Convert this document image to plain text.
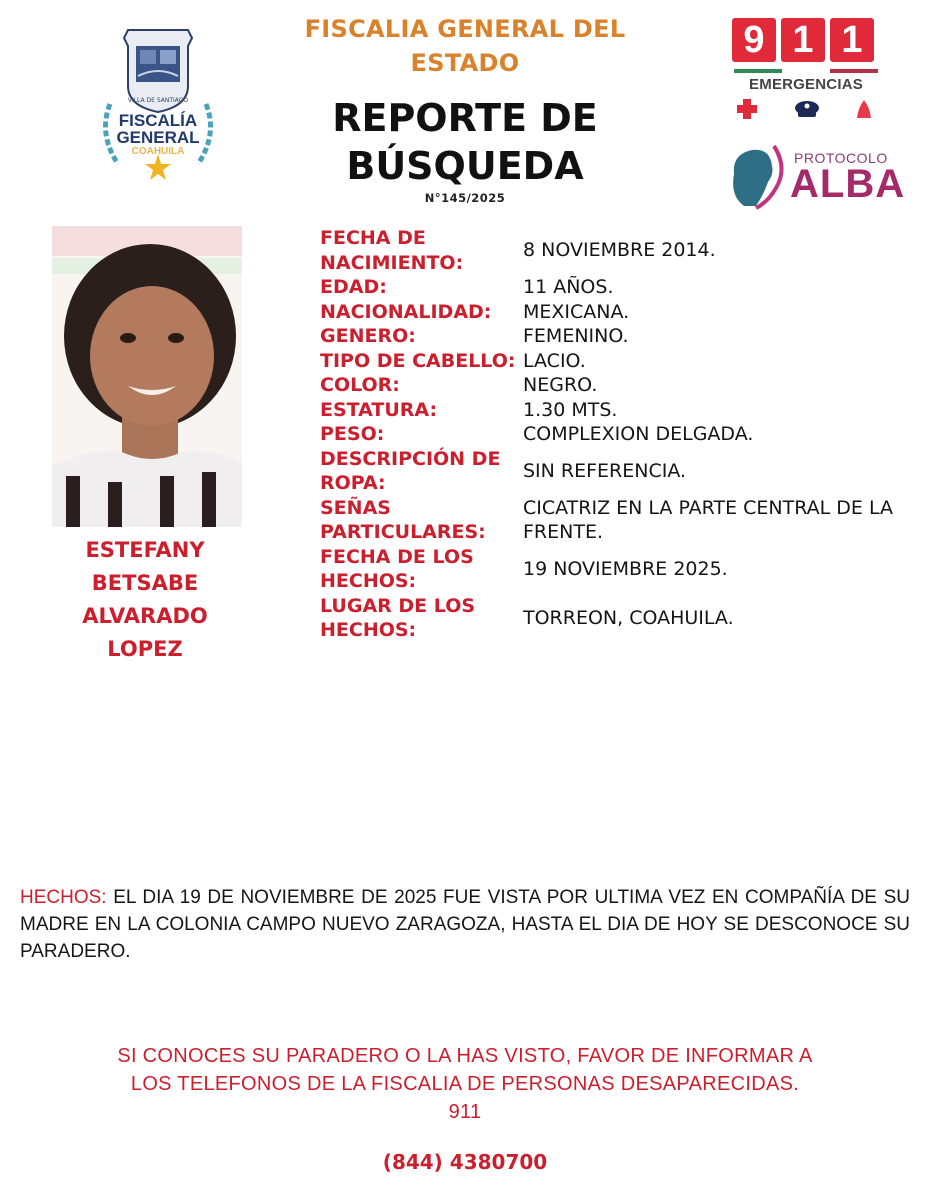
VILLA DE SANTIAGO
FISCALÍA
GENERAL
COAHUILA
FISCALIA GENERAL DEL
ESTADO
REPORTE DE
BÚSQUEDA
N°145/2025
9 1 1
EMERGENCIAS
PROTOCOLO
ALBA
ESTEFANY
BETSABE
ALVARADO
LOPEZ
FECHA DE NACIMIENTO:
8 NOVIEMBRE 2014.
EDAD:	11 AÑOS.
NACIONALIDAD:	MEXICANA.
GENERO:	FEMENINO.
TIPO DE CABELLO: LACIO.
COLOR:	NEGRO.
ESTATURA:	1.30 MTS.
PESO:	COMPLEXION DELGADA.
DESCRIPCIÓN DE ROPA:
SIN REFERENCIA.
SEÑAS PARTICULARES:
CICATRIZ EN LA PARTE CENTRAL DE LA FRENTE.
FECHA DE LOS HECHOS:
19 NOVIEMBRE 2025.
LUGAR DE LOS HECHOS:
TORREON, COAHUILA.
HECHOS: EL DIA 19 DE NOVIEMBRE DE 2025 FUE VISTA POR ULTIMA VEZ EN COMPAÑÍA DE SU MADRE EN LA COLONIA CAMPO NUEVO ZARAGOZA, HASTA EL DIA DE HOY SE DESCONOCE SU PARADERO.
SI CONOCES SU PARADERO O LA HAS VISTO, FAVOR DE INFORMAR A
LOS TELEFONOS DE LA FISCALIA DE PERSONAS DESAPARECIDAS.
911
(844) 4380700
